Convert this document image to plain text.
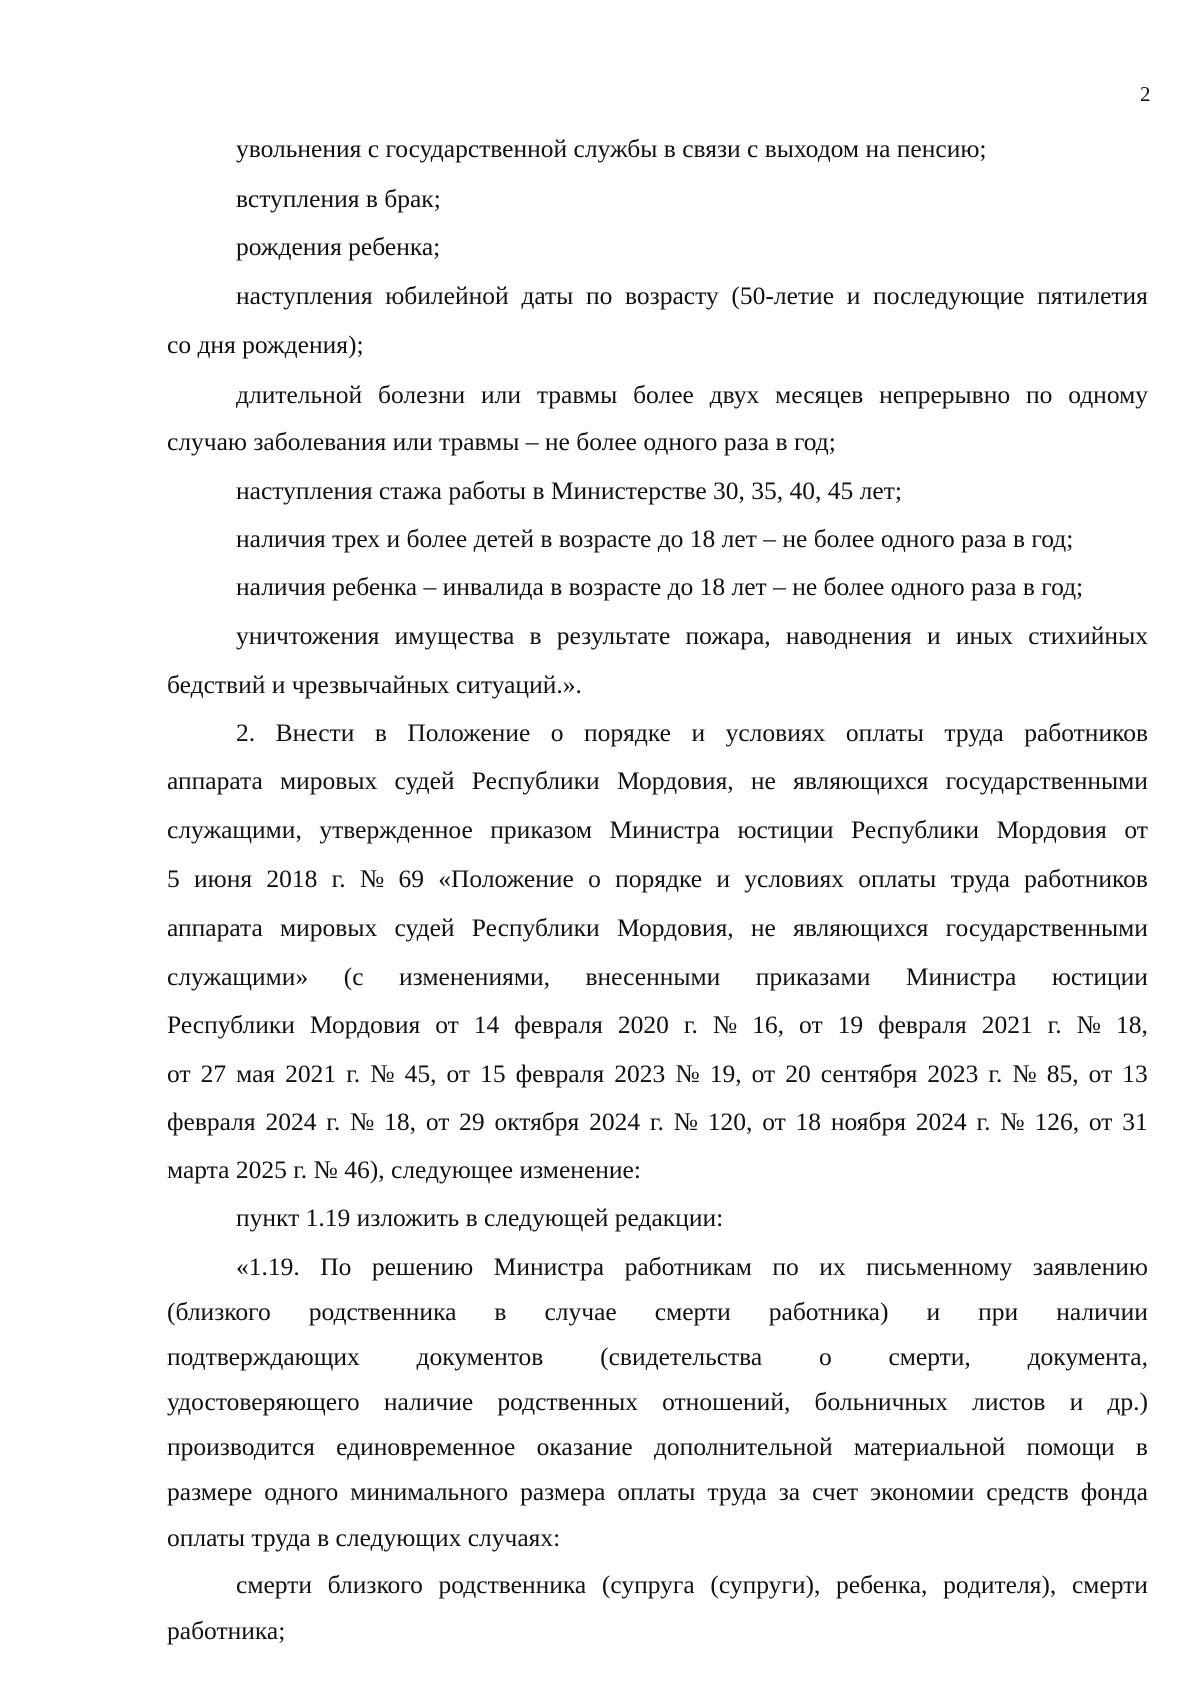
2
увольнения с государственной службы в связи с выходом на пенсию;
вступления в брак;
рождения ребенка;
наступления юбилейной даты по возрасту (50-летие и последующие пятилетия
со дня рождения);
длительной болезни или травмы более двух месяцев непрерывно по одному
случаю заболевания или травмы – не более одного раза в год;
наступления стажа работы в Министерстве 30, 35, 40, 45 лет;
наличия трех и более детей в возрасте до 18 лет – не более одного раза в год;
наличия ребенка – инвалида в возрасте до 18 лет – не более одного раза в год;
уничтожения имущества в результате пожара, наводнения и иных стихийных
бедствий и чрезвычайных ситуаций.».
2. Внести в Положение о порядке и условиях оплаты труда работников
аппарата мировых судей Республики Мордовия, не являющихся государственными
служащими, утвержденное приказом Министра юстиции Республики Мордовия от
5 июня 2018 г. № 69 «Положение о порядке и условиях оплаты труда работников
аппарата мировых судей Республики Мордовия, не являющихся государственными
служащими» (с изменениями, внесенными приказами Министра юстиции
Республики Мордовия от 14 февраля 2020 г. № 16, от 19 февраля 2021 г. № 18,
от 27 мая 2021 г. № 45, от 15 февраля 2023 № 19, от 20 сентября 2023 г. № 85, от 13
февраля 2024 г. № 18, от 29 октября 2024 г. № 120, от 18 ноября 2024 г. № 126, от 31
марта 2025 г. № 46), следующее изменение:
пункт 1.19 изложить в следующей редакции:
«1.19. По решению Министра работникам по их письменному заявлению
(близкого родственника в случае смерти работника) и при наличии
подтверждающих документов (свидетельства о смерти, документа,
удостоверяющего наличие родственных отношений, больничных листов и др.)
производится единовременное оказание дополнительной материальной помощи в
размере одного минимального размера оплаты труда за счет экономии средств фонда
оплаты труда в следующих случаях:
смерти близкого родственника (супруга (супруги), ребенка, родителя), смерти
работника;
